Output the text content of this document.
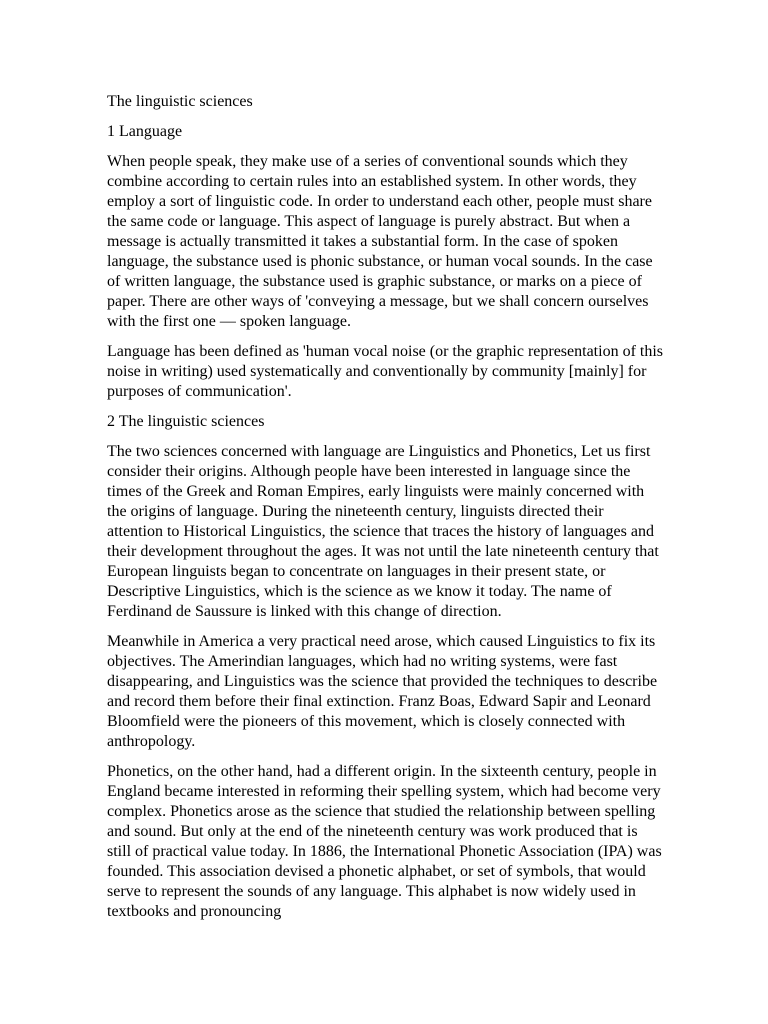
The linguistic sciences

1 Language

When people speak, they make use of a series of conventional sounds which they combine according to certain rules into an established system. In other words, they employ a sort of linguistic code. In order to understand each other, people must share the same code or language. This aspect of language is purely abstract. But when a message is actually transmitted it takes a substantial form. In the case of spoken language, the substance used is phonic substance, or human vocal sounds. In the case of written language, the substance used is graphic substance, or marks on a piece of paper. There are other ways of 'conveying a message, but we shall concern ourselves with the first one — spoken language.

Language has been defined as 'human vocal noise (or the graphic representation of this noise in writing) used systematically and conventionally by community [mainly] for purposes of communication'.

2 The linguistic sciences

The two sciences concerned with language are Linguistics and Phonetics, Let us first consider their origins. Although people have been interested in language since the times of the Greek and Roman Empires, early linguists were mainly concerned with the origins of language. During the nineteenth century, linguists directed their attention to Historical Linguistics, the science that traces the history of languages and their development throughout the ages. It was not until the late nineteenth century that European linguists began to concentrate on languages in their present state, or Descriptive Linguistics, which is the science as we know it today. The name of Ferdinand de Saussure is linked with this change of direction.

Meanwhile in America a very practical need arose, which caused Linguistics to fix its objectives. The Amerindian languages, which had no writing systems, were fast disappearing, and Linguistics was the science that provided the techniques to describe and record them before their final extinction. Franz Boas, Edward Sapir and Leonard Bloomfield were the pioneers of this movement, which is closely connected with anthropology.

Phonetics, on the other hand, had a different origin. In the sixteenth century, people in England became interested in reforming their spelling system, which had become very complex. Phonetics arose as the science that studied the relationship between spelling and sound. But only at the end of the nineteenth century was work produced that is still of practical value today. In 1886, the International Phonetic Association (IPA) was founded. This association devised a phonetic alphabet, or set of symbols, that would serve to represent the sounds of any language. This alphabet is now widely used in textbooks and pronouncing
